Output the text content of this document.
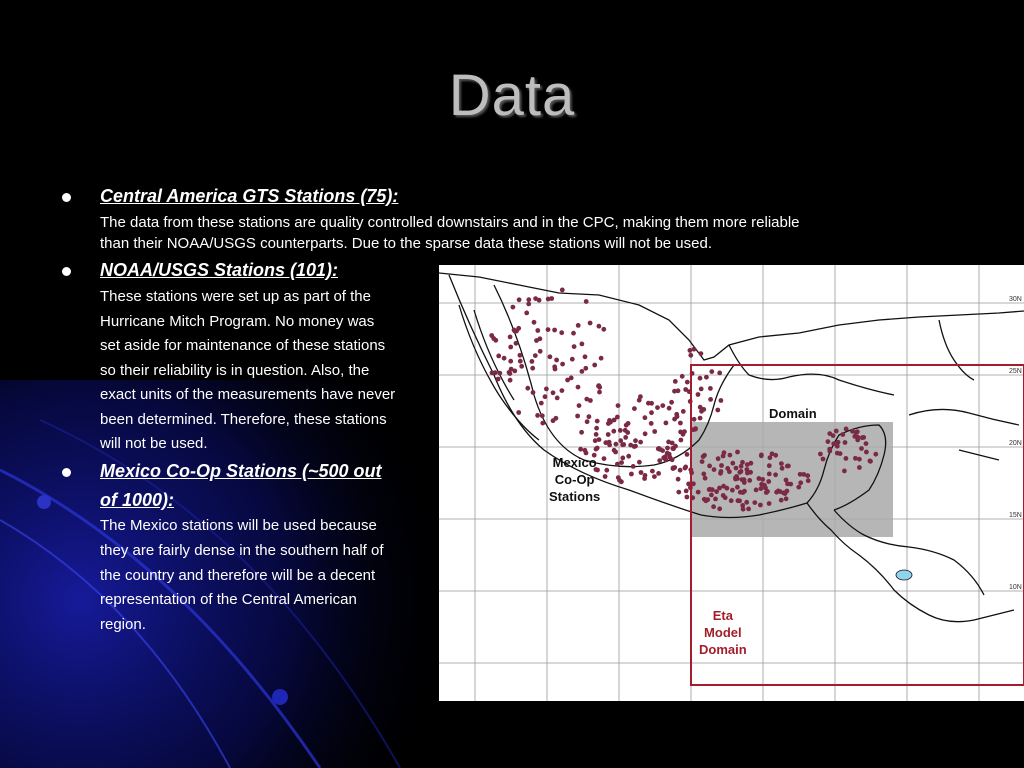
Data
Central America GTS Stations (75):
The data from these stations are quality controlled downstairs and in the CPC, making them more reliable
than their NOAA/USGS counterparts. Due to the sparse data these stations will not be used.
NOAA/USGS Stations (101):
These stations were set up as part of the
Hurricane Mitch Program. No money was
set aside for maintenance of these stations
so their reliability is in question. Also, the
exact units of the measurements have never
been determined. Therefore, these stations
will not be used.
Mexico Co-Op Stations (~500 out
of 1000):
The Mexico stations will be used because
they are fairly dense in the southern half of
the country and therefore will be a decent
representation of the Central American
region.
30N
25N
20N
15N
10N
Domain
Mexico
Co-Op
Stations
Eta
Model
Domain
